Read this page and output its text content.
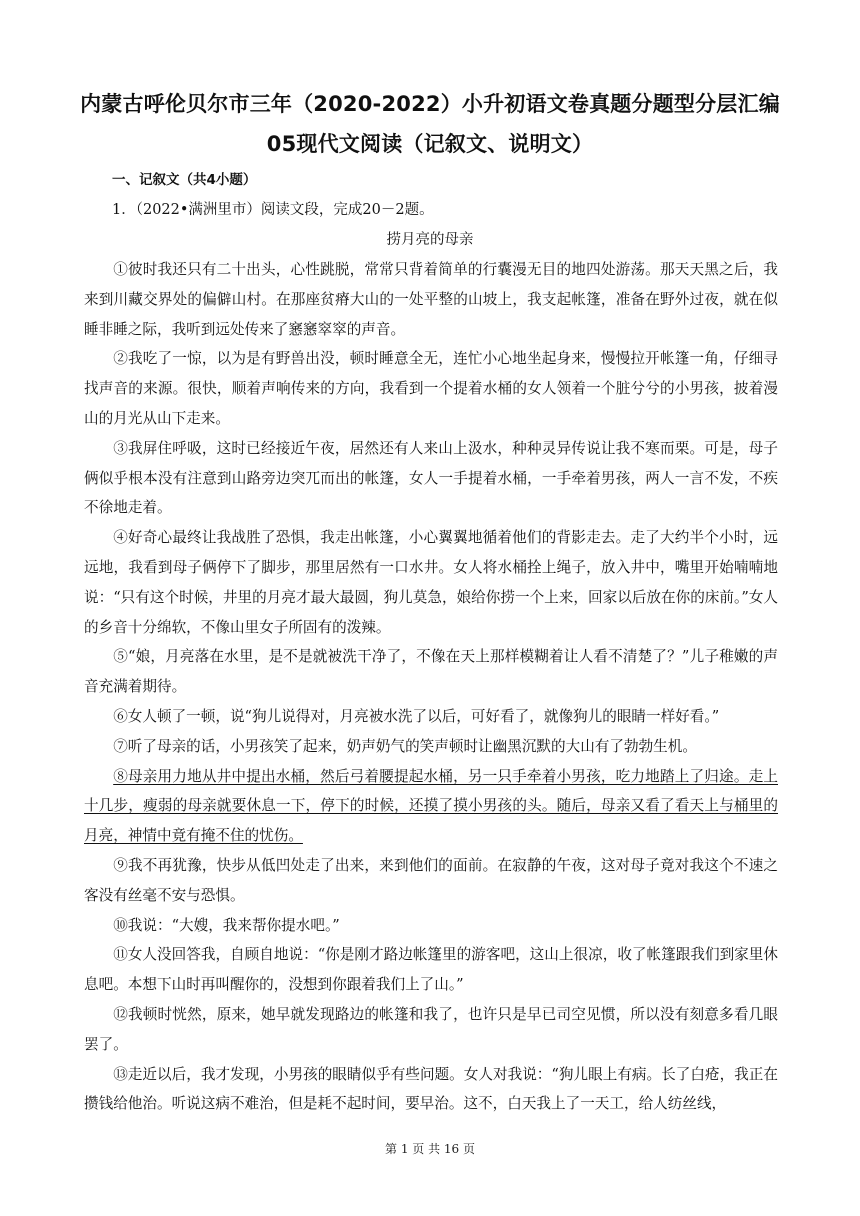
内蒙古呼伦贝尔市三年（2020-2022）小升初语文卷真题分题型分层汇编
05现代文阅读（记叙文、说明文）
一、记叙文（共4小题）
1．（2022•满洲里市）阅读文段，完成20－2题。
捞月亮的母亲

①彼时我还只有二十出头，心性跳脱，常常只背着简单的行囊漫无目的地四处游荡。那天天黑之后，我来到川藏交界处的偏僻山村。在那座贫瘠大山的一处平整的山坡上，我支起帐篷，准备在野外过夜，就在似睡非睡之际，我听到远处传来了窸窸窣窣的声音。

②我吃了一惊，以为是有野兽出没，顿时睡意全无，连忙小心地坐起身来，慢慢拉开帐篷一角，仔细寻找声音的来源。很快，顺着声响传来的方向，我看到一个提着水桶的女人领着一个脏兮兮的小男孩，披着漫山的月光从山下走来。

③我屏住呼吸，这时已经接近午夜，居然还有人来山上汲水，种种灵异传说让我不寒而栗。可是，母子俩似乎根本没有注意到山路旁边突兀而出的帐篷，女人一手提着水桶，一手牵着男孩，两人一言不发，不疾不徐地走着。

④好奇心最终让我战胜了恐惧，我走出帐篷，小心翼翼地循着他们的背影走去。走了大约半个小时，远远地，我看到母子俩停下了脚步，那里居然有一口水井。女人将水桶拴上绳子，放入井中，嘴里开始喃喃地说：“只有这个时候，井里的月亮才最大最圆，狗儿莫急，娘给你捞一个上来，回家以后放在你的床前。”女人的乡音十分绵软，不像山里女子所固有的泼辣。

⑤“娘，月亮落在水里，是不是就被洗干净了，不像在天上那样模糊着让人看不清楚了？”儿子稚嫩的声音充满着期待。

⑥女人顿了一顿，说“狗儿说得对，月亮被水洗了以后，可好看了，就像狗儿的眼睛一样好看。”

⑦听了母亲的话，小男孩笑了起来，奶声奶气的笑声顿时让幽黑沉默的大山有了勃勃生机。

⑧母亲用力地从井中提出水桶，然后弓着腰提起水桶，另一只手牵着小男孩，吃力地踏上了归途。走上十几步，瘦弱的母亲就要休息一下，停下的时候，还摸了摸小男孩的头。随后，母亲又看了看天上与桶里的月亮，神情中竟有掩不住的忧伤。

⑨我不再犹豫，快步从低凹处走了出来，来到他们的面前。在寂静的午夜，这对母子竟对我这个不速之客没有丝毫不安与恐惧。

⑩我说：“大嫂，我来帮你提水吧。”

⑪女人没回答我，自顾自地说：“你是刚才路边帐篷里的游客吧，这山上很凉，收了帐篷跟我们到家里休息吧。本想下山时再叫醒你的，没想到你跟着我们上了山。”

⑫我顿时恍然，原来，她早就发现路边的帐篷和我了，也许只是早已司空见惯，所以没有刻意多看几眼罢了。

⑬走近以后，我才发现，小男孩的眼睛似乎有些问题。女人对我说：“狗儿眼上有病。长了白疮，我正在攒钱给他治。听说这病不难治，但是耗不起时间，要早治。这不，白天我上了一天工，给人纺丝线，

第 1 页 共 16 页
